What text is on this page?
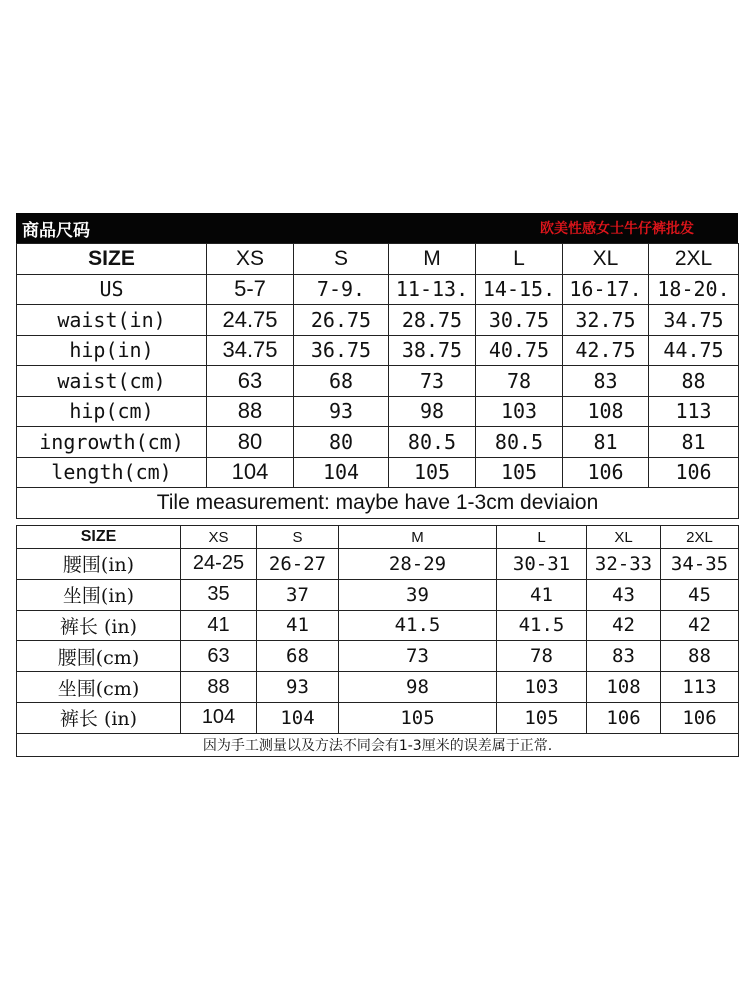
商品尺码	欧美性感女士牛仔裤批发
SIZE	XS	S	M	L	XL	2XL
US	5-7	7-9.	11-13.	14-15.	16-17.	18-20.
waist(in)	24.75	26.75	28.75	30.75	32.75	34.75
hip(in)	34.75	36.75	38.75	40.75	42.75	44.75
waist(cm)	63	68	73	78	83	88
hip(cm)	88	93	98	103	108	113
ingrowth(cm)	80	80	80.5	80.5	81	81
length(cm)	104	104	105	105	106	106
Tile measurement: maybe have 1-3cm deviaion						
SIZE	XS	S	M	L	XL	2XL
腰围(in)	24-25	26-27	28-29	30-31	32-33	34-35
坐围(in)	35	37	39	41	43	45
裤长 (in)	41	41	41.5	41.5	42	42
腰围(cm)	63	68	73	78	83	88
坐围(cm)	88	93	98	103	108	113
裤长 (in)	104	104	105	105	106	106
因为手工测量以及方法不同会有1-3厘米的误差属于正常.						
